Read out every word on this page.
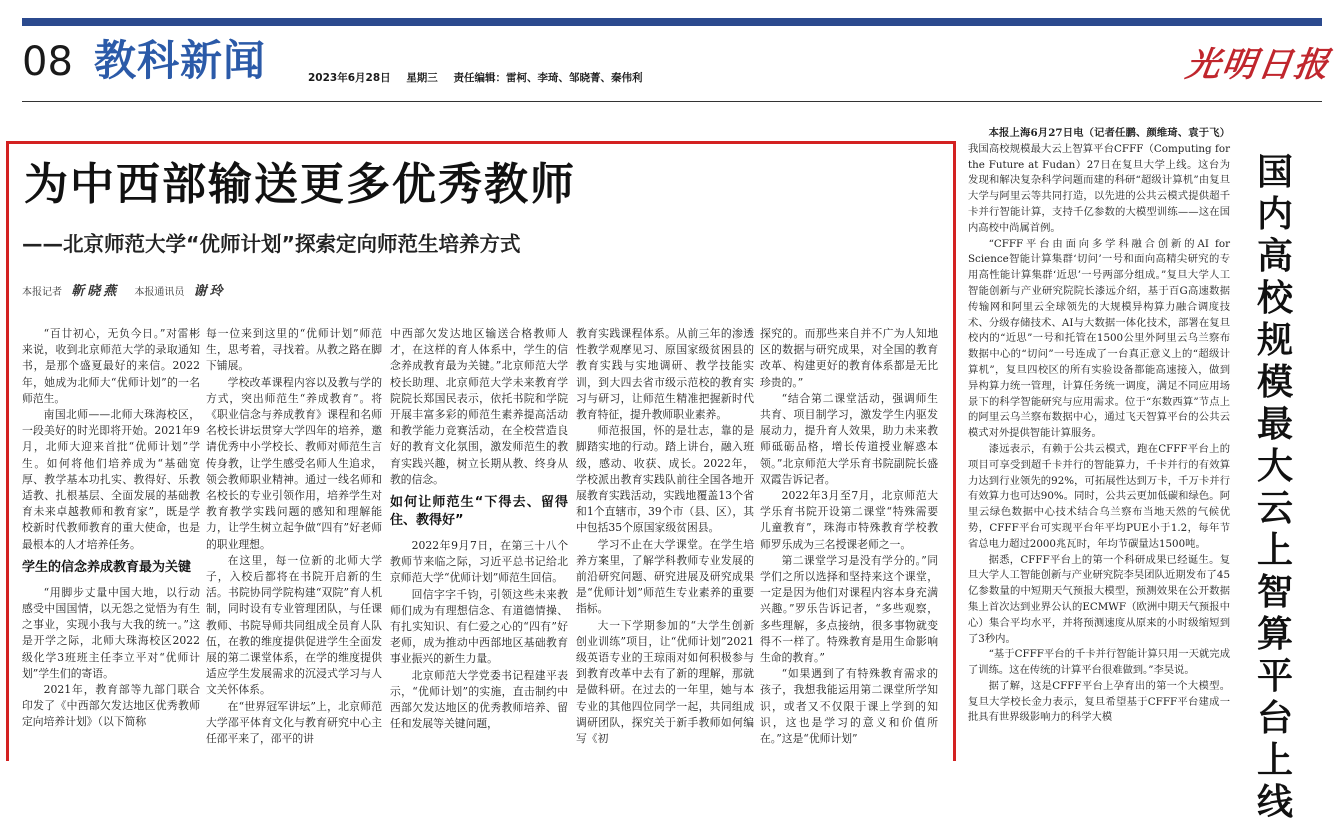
08 教科新闻	2023年6月28日 星期三 责任编辑：雷柯、李琦、邹晓菁、秦伟利	光明日报
为中西部输送更多优秀教师
——北京师范大学“优师计划”探索定向师范生培养方式
本报记者 靳晓燕 本报通讯员 谢玲

“百廿初心，无负今日。”对雷彬来说，收到北京师范大学的录取通知书，是那个盛夏最好的来信。2022年，她成为北师大“优师计划”的一名师范生。

南国北师——北师大珠海校区，一段美好的时光即将开始。2021年9月，北师大迎来首批“优师计划”学生。如何将他们培养成为“基础宽厚、教学基本功扎实、教得好、乐教适教、扎根基层、全面发展的基础教育未来卓越教师和教育家”，既是学校新时代教师教育的重大使命，也是最根本的人才培养任务。

学生的信念养成教育最为关键

“用脚步丈量中国大地，以行动感受中国国情，以无怨之觉悟为有生之事业，实现小我与大我的统一。”这是开学之际，北师大珠海校区2022级化学3班班主任李立平对“优师计划”学生们的寄语。

2021年，教育部等九部门联合印发了《中西部欠发达地区优秀教师定向培养计划》（以下简称

每一位来到这里的“优师计划”师范生，思考着，寻找着。从教之路在脚下铺展。

学校改革课程内容以及教与学的方式，突出师范生“养成教育”。将《职业信念与养成教育》课程和名师名校长讲坛贯穿大学四年的培养，邀请优秀中小学校长、教师对师范生言传身教，让学生感受名师人生追求，领会教师职业精神。通过一线名师和名校长的专业引领作用，培养学生对教育教学实践问题的感知和理解能力，让学生树立起争做“四有”好老师的职业理想。

在这里，每一位新的北师大学子，入校后都将在书院开启新的生活。书院协同学院构建“双院”育人机制，同时设有专业管理团队，与任课教师、书院导师共同组成全员育人队伍，在教的维度提供促进学生全面发展的第二课堂体系，在学的维度提供适应学生发展需求的沉浸式学习与人文关怀体系。

在“世界冠军讲坛”上，北京师范大学邵平体育文化与教育研究中心主任邵平来了，邵平的讲

中西部欠发达地区输送合格教师人才，在这样的育人体系中，学生的信念养成教育最为关键。”北京师范大学校长助理、北京师范大学未来教育学院院长郑国民表示，依托书院和学院开展丰富多彩的师范生素养提高活动和教学能力竞赛活动，在全校营造良好的教育文化氛围，激发师范生的教育实践兴趣，树立长期从教、终身从教的信念。

如何让师范生“下得去、留得住、教得好”

2022年9月7日，在第三十八个教师节来临之际，习近平总书记给北京师范大学“优师计划”师范生回信。

回信字字千钧，引领这些未来教师们成为有理想信念、有道德情操、有扎实知识、有仁爱之心的“四有”好老师，成为推动中西部地区基础教育事业振兴的新生力量。

北京师范大学党委书记程建平表示，“优师计划”的实施，直击制约中西部欠发达地区的优秀教师培养、留任和发展等关键问题，

教育实践课程体系。从前三年的渗透性教学观摩见习、原国家级贫困县的教育实践与实地调研、教学技能实训，到大四去省市级示范校的教育实习与研习，让师范生精准把握新时代教育特征，提升教师职业素养。

师范报国，怀的是壮志，靠的是脚踏实地的行动。踏上讲台，融入班级，感动、收获、成长。2022年，学校派出教育实践队前往全国各地开展教育实践活动，实践地覆盖13个省和1个直辖市，39个市（县、区），其中包括35个原国家级贫困县。

学习不止在大学课堂。在学生培养方案里，了解学科教师专业发展的前沿研究问题、研究进展及研究成果是“优师计划”师范生专业素养的重要指标。

大一下学期参加的“大学生创新创业训练”项目，让“优师计划”2021级英语专业的王琼雨对如何积极参与到教育改革中去有了新的理解，那就是做科研。在过去的一年里，她与本专业的其他四位同学一起，共同组成调研团队，探究关于新手教师如何编写《初

探究的。而那些来自并不广为人知地区的数据与研究成果，对全国的教育改革、构建更好的教育体系都是无比珍贵的。”

“结合第二课堂活动，强调师生共育、项目制学习，激发学生内驱发展动力，提升育人效果，助力未来教师砥砺品格，增长传道授业解惑本领。”北京师范大学乐育书院副院长盛双霞告诉记者。

2022年3月至7月，北京师范大学乐育书院开设第二课堂“特殊需要儿童教育”，珠海市特殊教育学校教师罗乐成为三名授课老师之一。

第二课堂学习是没有学分的。”同学们之所以选择和坚持来这个课堂，一定是因为他们对课程内容本身充满兴趣。”罗乐告诉记者，“多些观察，多些理解，多点接纳，很多事物就变得不一样了。特殊教育是用生命影响生命的教育。”

“如果遇到了有特殊教育需求的孩子，我想我能运用第二课堂所学知识，或者又不仅限于课上学到的知识，这也是学习的意义和价值所在。”这是“优师计划”

本报上海6月27日电（记者任鹏、颜维琦、袁于飞）我国高校规模最大云上智算平台CFFF（Computing for the Future at Fudan）27日在复旦大学上线。这台为发现和解决复杂科学问题而建的科研“超级计算机”由复旦大学与阿里云等共同打造，以先进的公共云模式提供超千卡并行智能计算，支持千亿参数的大模型训练——这在国内高校中尚属首例。

“CFFF平台由面向多学科融合创新的AI for Science智能计算集群‘切问’一号和面向高精尖研究的专用高性能计算集群‘近思’一号两部分组成。”复旦大学人工智能创新与产业研究院院长漆远介绍，基于百G高速数据传输网和阿里云全球领先的大规模异构算力融合调度技术、分级存储技术、AI与大数据一体化技术，部署在复旦校内的“近思”一号和托管在1500公里外阿里云乌兰察布数据中心的“切问”一号连成了一台真正意义上的“超级计算机”，复旦四校区的所有实验设备都能高速接入，做到异构算力统一管理，计算任务统一调度，满足不同应用场景下的科学智能研究与应用需求。位于“东数西算”节点上的阿里云乌兰察布数据中心，通过飞天智算平台的公共云模式对外提供智能计算服务。

漆远表示，有赖于公共云模式，跑在CFFF平台上的项目可享受到超千卡并行的智能算力，千卡并行的有效算力达到行业领先的92%，可拓展性达到万卡，千万卡并行有效算力也可达90%。同时，公共云更加低碳和绿色。阿里云绿色数据中心技术结合乌兰察布当地天然的气候优势，CFFF平台可实现平台年平均PUE小于1.2，每年节省总电力超过2000兆瓦时，年均节碳量达1500吨。

据悉，CFFF平台上的第一个科研成果已经诞生。复旦大学人工智能创新与产业研究院李昊团队近期发布了45亿参数量的中短期天气预报大模型，预测效果在公开数据集上首次达到业界公认的ECMWF（欧洲中期天气预报中心）集合平均水平，并将预测速度从原来的小时级缩短到了3秒内。

“基于CFFF平台的千卡并行智能计算只用一天就完成了训练。这在传统的计算平台很难做到。”李昊说。

据了解，这是CFFF平台上孕育出的第一个大模型。复旦大学校长金力表示，复旦希望基于CFFF平台建成一批具有世界级影响力的科学大模

国内高校规模最大云上智算平台上线
